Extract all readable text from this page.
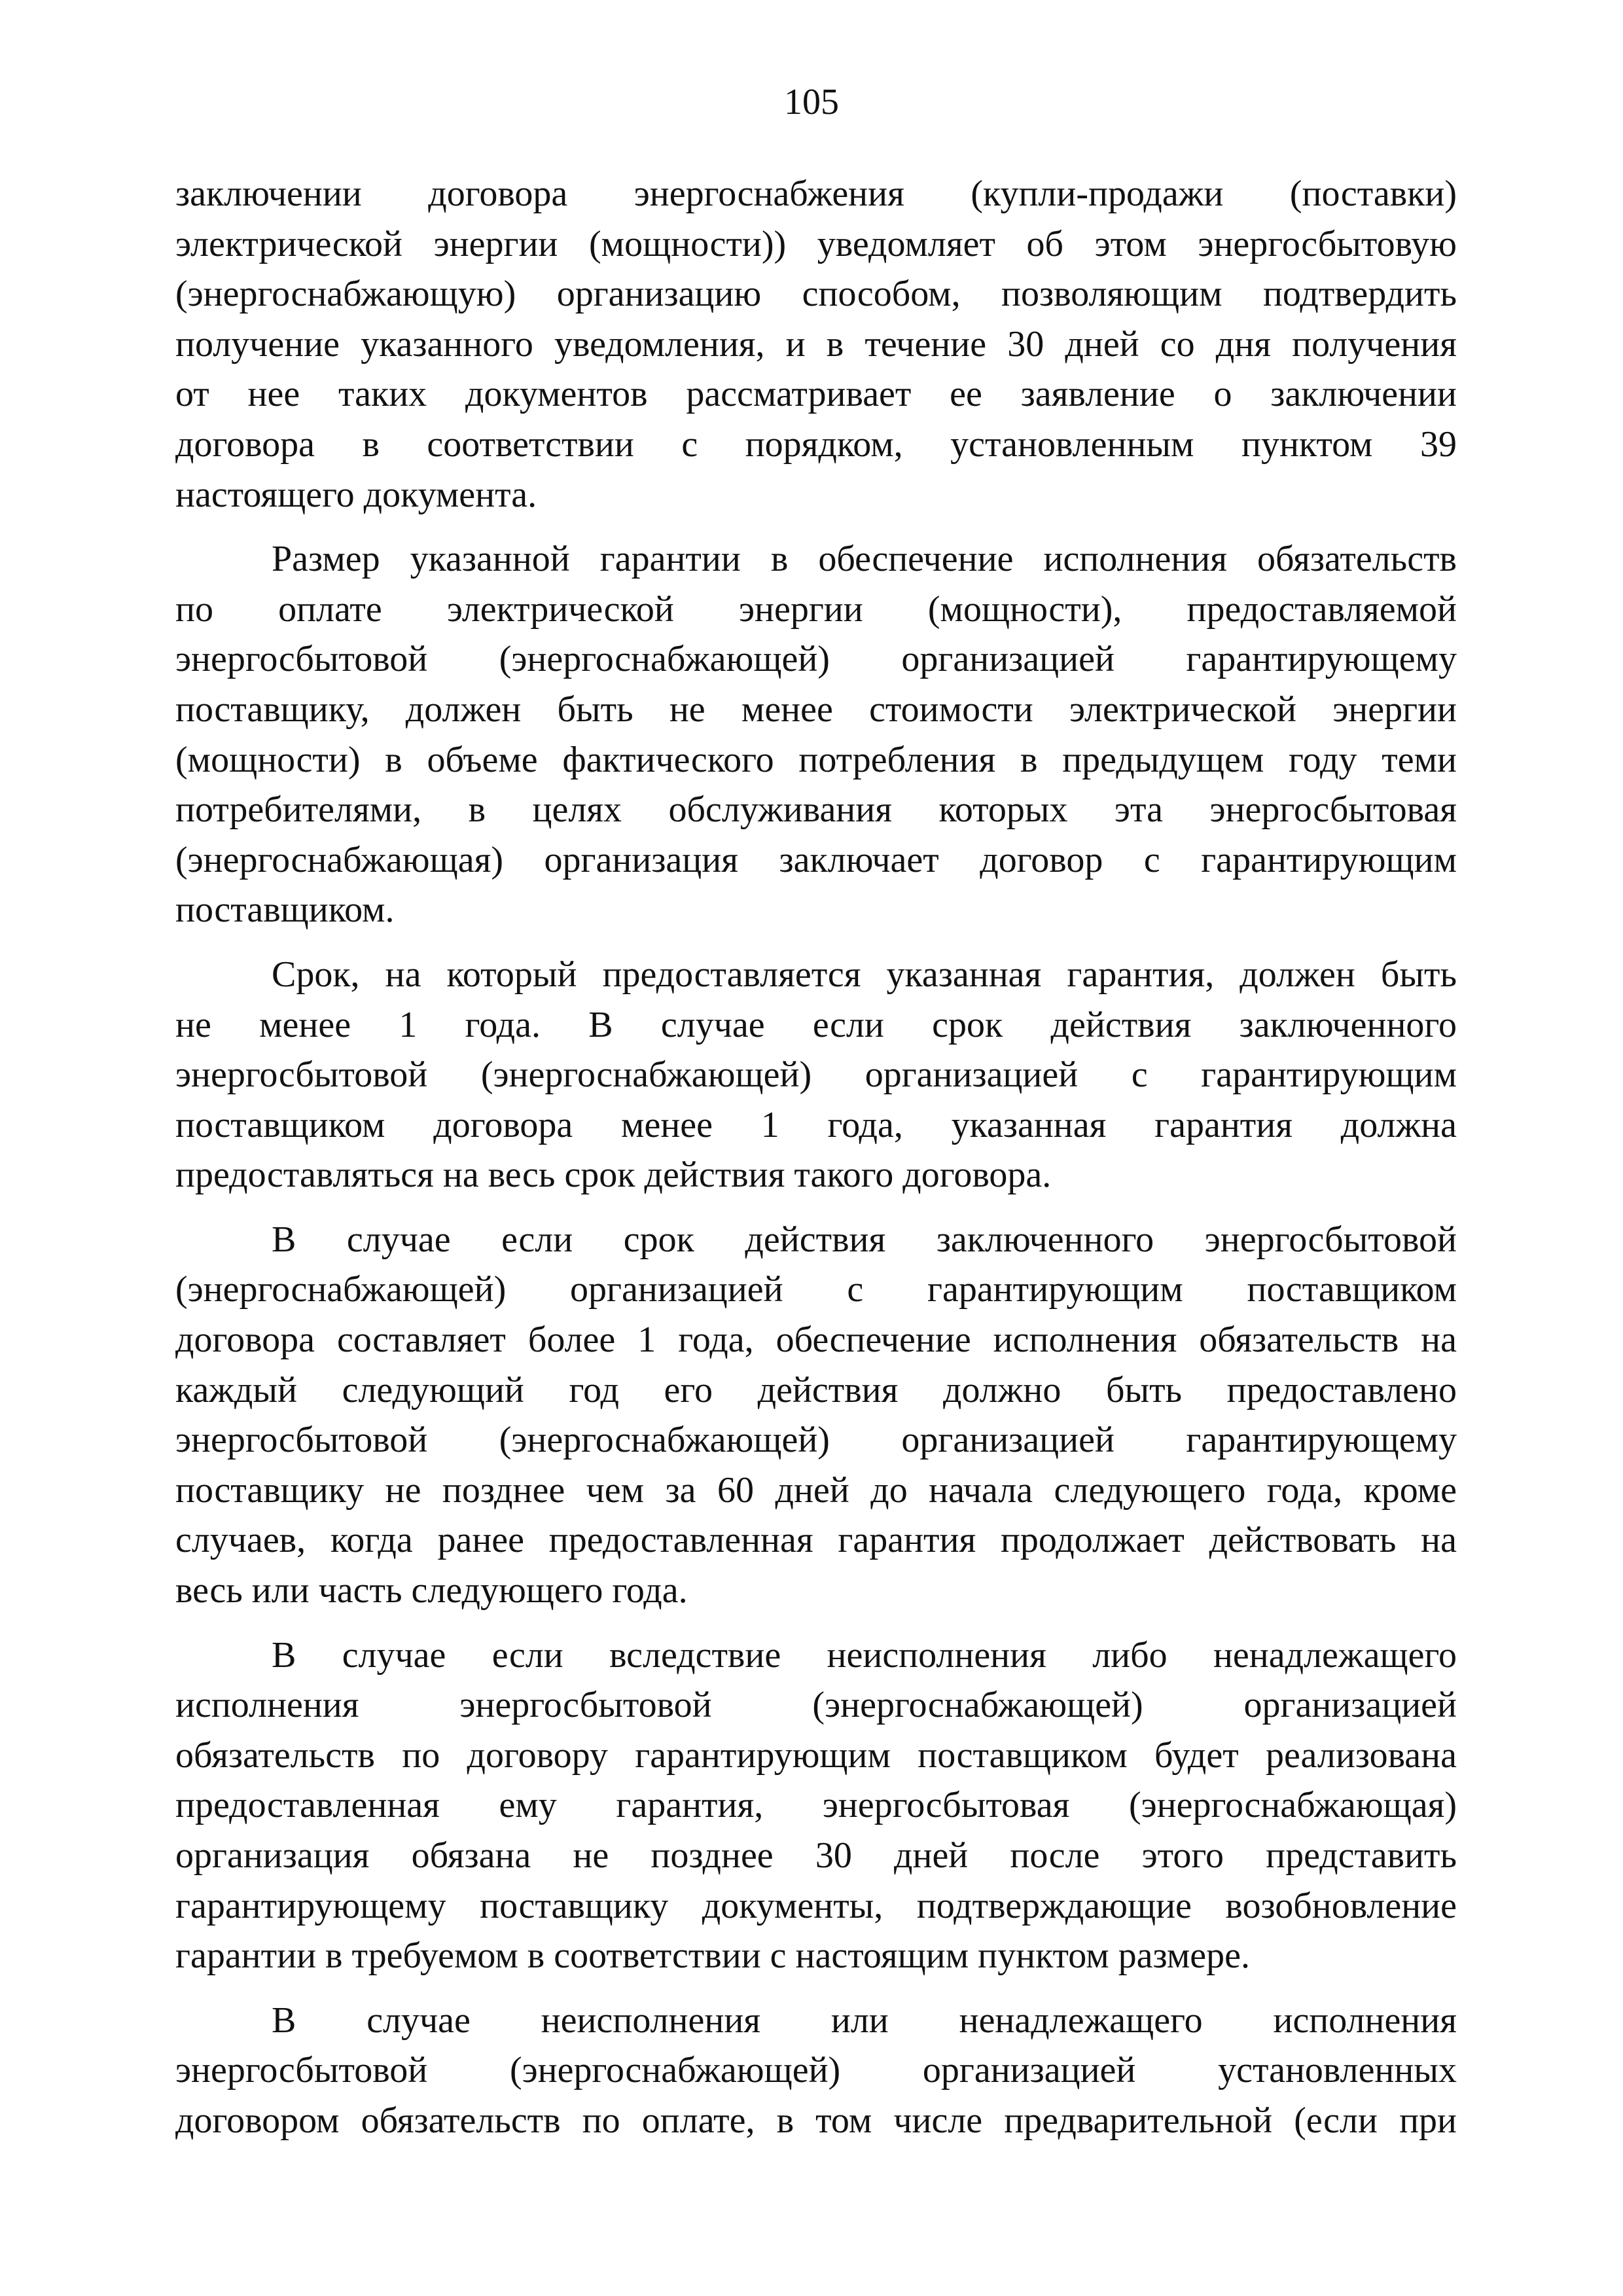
105
заключении договора энергоснабжения (купли-продажи (поставки)
электрической энергии (мощности)) уведомляет об этом энергосбытовую
(энергоснабжающую) организацию способом, позволяющим подтвердить
получение указанного уведомления, и в течение 30 дней со дня получения
от нее таких документов рассматривает ее заявление о заключении
договора в соответствии с порядком, установленным пунктом 39
настоящего документа.
Размер указанной гарантии в обеспечение исполнения обязательств
по оплате электрической энергии (мощности), предоставляемой
энергосбытовой (энергоснабжающей) организацией гарантирующему
поставщику, должен быть не менее стоимости электрической энергии
(мощности) в объеме фактического потребления в предыдущем году теми
потребителями, в целях обслуживания которых эта энергосбытовая
(энергоснабжающая) организация заключает договор с гарантирующим
поставщиком.
Срок, на который предоставляется указанная гарантия, должен быть
не менее 1 года. В случае если срок действия заключенного
энергосбытовой (энергоснабжающей) организацией с гарантирующим
поставщиком договора менее 1 года, указанная гарантия должна
предоставляться на весь срок действия такого договора.
В случае если срок действия заключенного энергосбытовой
(энергоснабжающей) организацией с гарантирующим поставщиком
договора составляет более 1 года, обеспечение исполнения обязательств на
каждый следующий год его действия должно быть предоставлено
энергосбытовой (энергоснабжающей) организацией гарантирующему
поставщику не позднее чем за 60 дней до начала следующего года, кроме
случаев, когда ранее предоставленная гарантия продолжает действовать на
весь или часть следующего года.
В случае если вследствие неисполнения либо ненадлежащего
исполнения энергосбытовой (энергоснабжающей) организацией
обязательств по договору гарантирующим поставщиком будет реализована
предоставленная ему гарантия, энергосбытовая (энергоснабжающая)
организация обязана не позднее 30 дней после этого представить
гарантирующему поставщику документы, подтверждающие возобновление
гарантии в требуемом в соответствии с настоящим пунктом размере.
В случае неисполнения или ненадлежащего исполнения
энергосбытовой (энергоснабжающей) организацией установленных
договором обязательств по оплате, в том числе предварительной (если при
